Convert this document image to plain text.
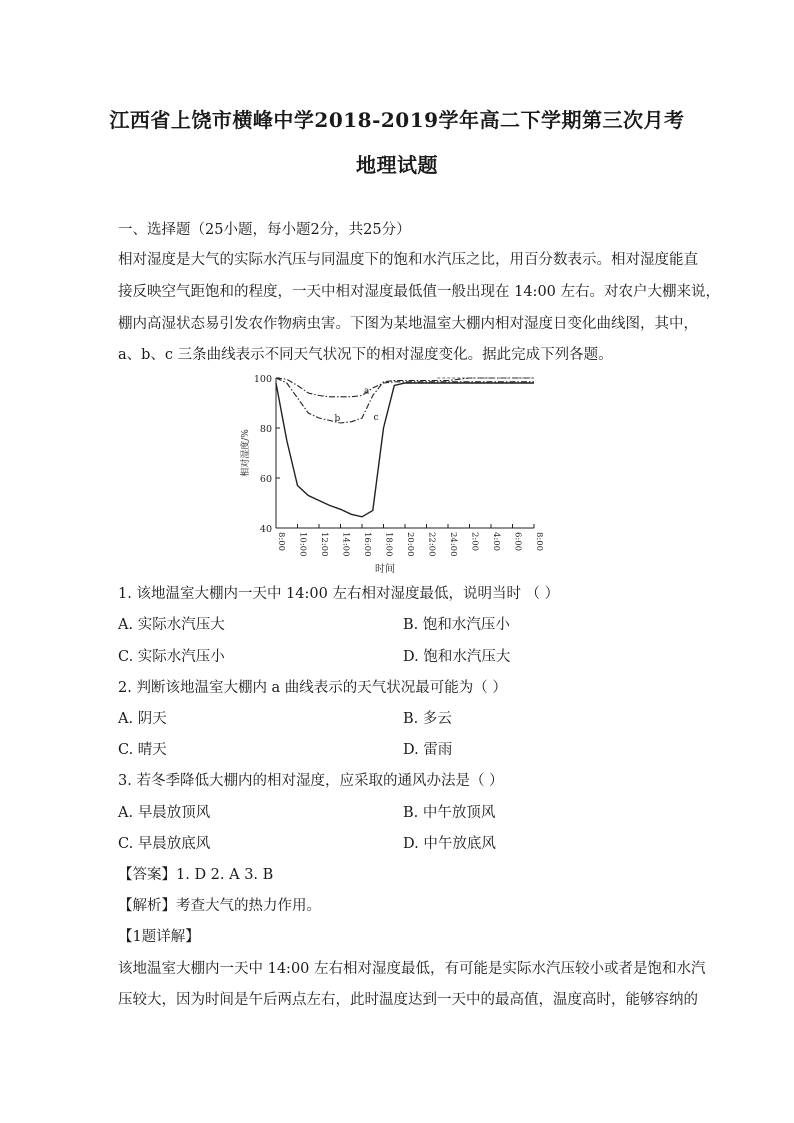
江西省上饶市横峰中学2018-2019学年高二下学期第三次月考
地理试题
一、选择题（25小题，每小题2分，共25分）
相对湿度是大气的实际水汽压与同温度下的饱和水汽压之比，用百分数表示。相对湿度能直
接反映空气距饱和的程度，一天中相对湿度最低值一般出现在 14:00 左右。对农户大棚来说，
棚内高湿状态易引发农作物病虫害。下图为某地温室大棚内相对湿度日变化曲线图，其中，
a、b、c 三条曲线表示不同天气状况下的相对湿度变化。据此完成下列各题。
100
80
60
40
8:00 10:00 12:00 14:00 16:00 18:00 20:00 22:00 24:00 2:00 4:00 6:00 8:00
相对湿度/%
时间
a
b	c
1. 该地温室大棚内一天中 14:00 左右相对湿度最低，说明当时 （ ）
A. 实际水汽压大	B. 饱和水汽压小
C. 实际水汽压小	D. 饱和水汽压大
2. 判断该地温室大棚内 a 曲线表示的天气状况最可能为（ ）
A. 阴天	B. 多云
C. 晴天	D. 雷雨
3. 若冬季降低大棚内的相对湿度，应采取的通风办法是（ ）
A. 早晨放顶风	B. 中午放顶风
C. 早晨放底风	D. 中午放底风
【答案】1. D 2. A 3. B
【解析】考查大气的热力作用。
【1题详解】
该地温室大棚内一天中 14:00 左右相对湿度最低，有可能是实际水汽压较小或者是饱和水汽
压较大，因为时间是午后两点左右，此时温度达到一天中的最高值，温度高时，能够容纳的
